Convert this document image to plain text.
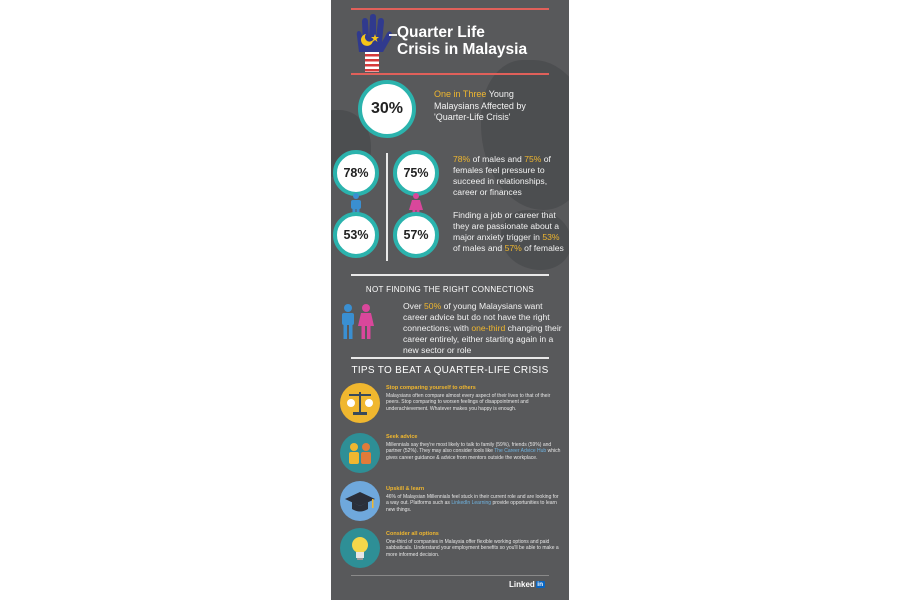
Quarter Life
Crisis in Malaysia
30%
One in Three Young Malaysians Affected by 'Quarter-Life Crisis'
78%	75%
53%	57%
78% of males and 75% of females feel pressure to succeed in relationships, career or finances
Finding a job or career that they are passionate about a major anxiety trigger in 53% of males and 57% of females
NOT FINDING THE RIGHT CONNECTIONS
Over 50% of young Malaysians want career advice but do not have the right connections; with one-third changing their career entirely, either starting again in a new sector or role
TIPS TO BEAT A QUARTER-LIFE CRISIS
Stop comparing yourself to others
Malaysians often compare almost every aspect of their lives to that of their peers. Stop comparing to worsen feelings of disappointment and underachievement. Whatever makes you happy is enough.
Seek advice
Millennials say they're most likely to talk to family (59%), friends (59%) and partner (52%). They may also consider tools like The Career Advice Hub which gives career guidance & advice from mentors outside the workplace.
Upskill & learn
46% of Malaysian Millennials feel stuck in their current role and are looking for a way out. Platforms such as LinkedIn Learning provide opportunities to learn new things.
Consider all options
One-third of companies in Malaysia offer flexible working options and paid sabbaticals. Understand your employment benefits so you'll be able to make a more informed decision.
Linked in
